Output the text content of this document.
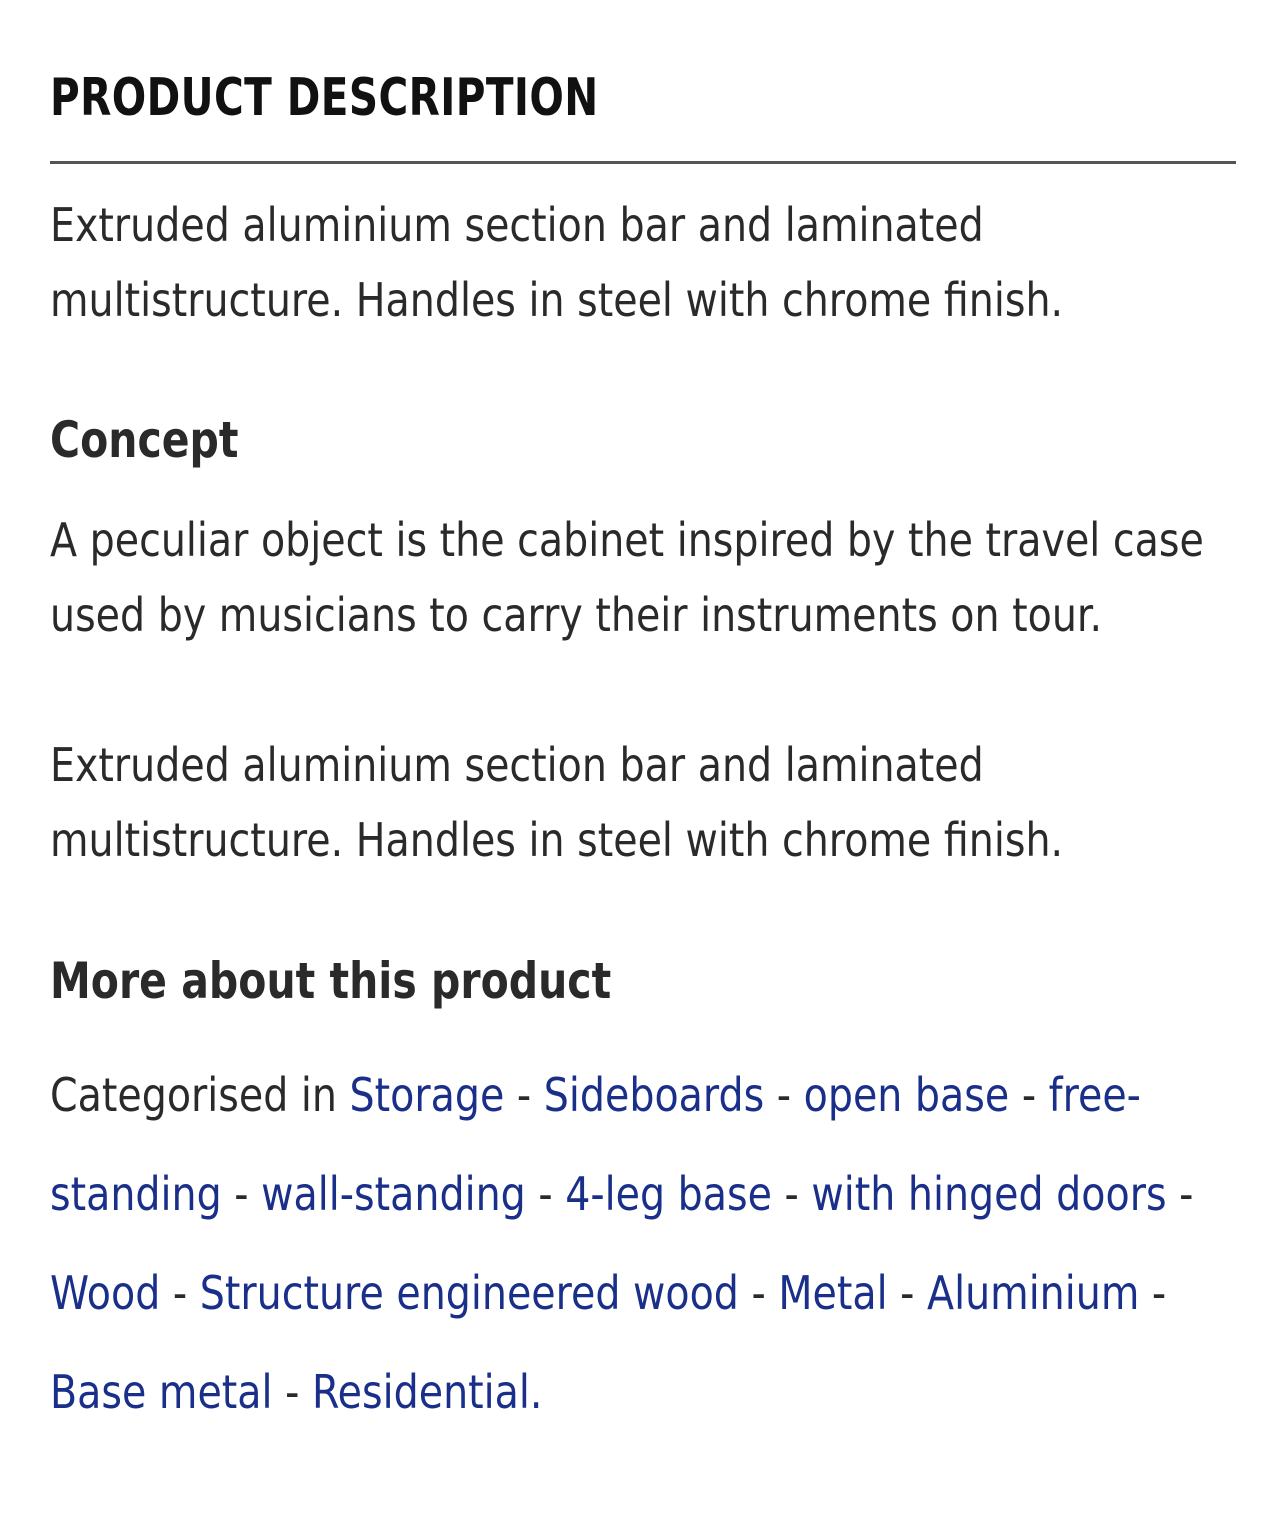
PRODUCT DESCRIPTION

Extruded aluminium section bar and laminated multistructure. Handles in steel with chrome finish.

Concept

A peculiar object is the cabinet inspired by the travel case used by musicians to carry their instruments on tour.

Extruded aluminium section bar and laminated multistructure. Handles in steel with chrome finish.

More about this product
Categorised in Storage - Sideboards - open base - free-standing - wall-standing - 4-leg base - with hinged doors - Wood - Structure engineered wood - Metal - Aluminium - Base metal - Residential.
